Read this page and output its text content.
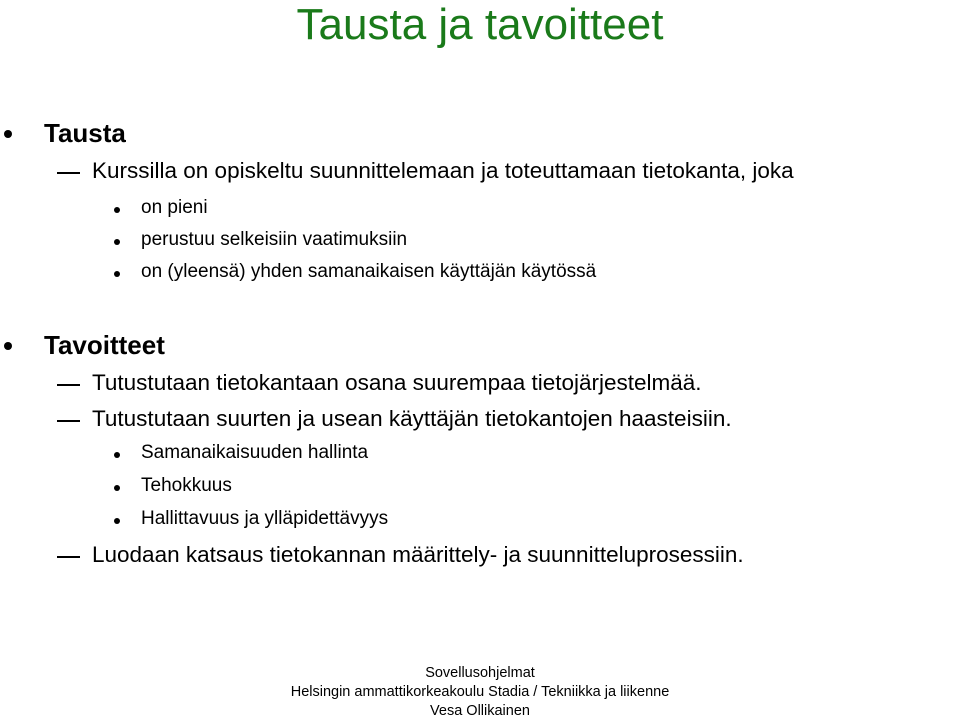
Tausta ja tavoitteet
Tausta
Kurssilla on opiskeltu suunnittelemaan ja toteuttamaan tietokanta, joka
on pieni
perustuu selkeisiin vaatimuksiin
on (yleensä) yhden samanaikaisen käyttäjän käytössä
Tavoitteet
Tutustutaan tietokantaan osana suurempaa tietojärjestelmää.
Tutustutaan suurten ja usean käyttäjän tietokantojen haasteisiin.
Samanaikaisuuden hallinta
Tehokkuus
Hallittavuus ja ylläpidettävyys
Luodaan katsaus tietokannan määrittely- ja suunnitteluprosessiin.
Sovellusohjelmat
Helsingin ammattikorkeakoulu Stadia / Tekniikka ja liikenne
Vesa Ollikainen
